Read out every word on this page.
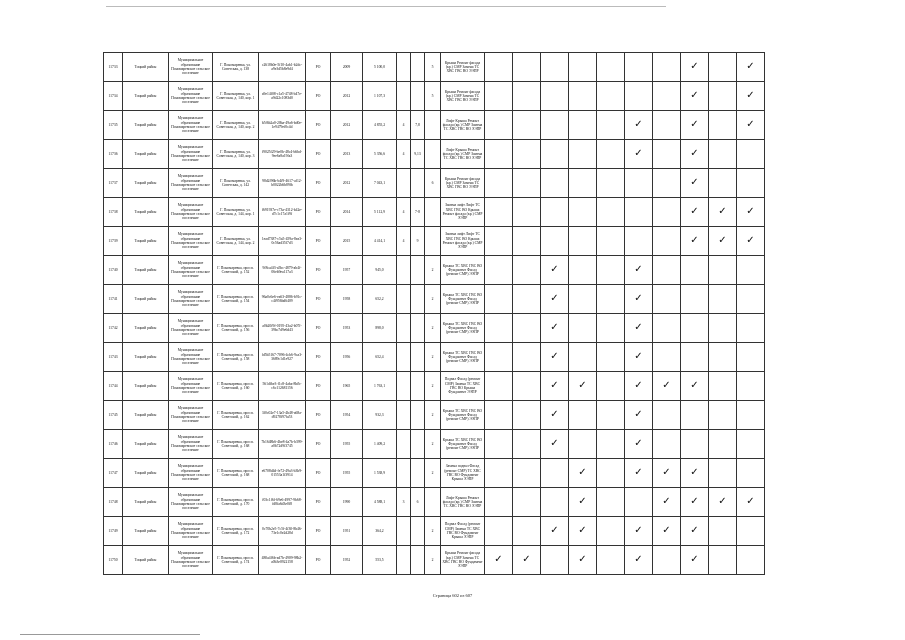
11733	Тоцкий район	Муниципальное образование Пономаревское сельское поселение	Г. Пономаревка, ул. Советская, д. 138	c2618b0e-5f10-4ab1-b2dc-a9e3d5b8e9d4	РО	2009	5 100,0			5	Крыша Ремонт фасада (кр.) СМР Замена ТС ХВС ГВС ВО ЭЭПР								✓		✓
11734	Тоцкий район	Муниципальное образование Пономаревское сельское поселение	Г. Пономаревка, ул. Советская, д. 140, кор. 1	a9e14f08-c1a5-4748-b47e-a9d22c1083d0	РО	2012	1 107,3			5	Крыша Ремонт фасада (кр.) СМР Замена ТС ХВС ГВС ВО ЭЭПР								✓		✓
11735	Тоцкий район	Муниципальное образование Пономаревское сельское поселение	Г. Пономаревка, ул. Советская, д. 140, кор. 2	b5f6b2a0-20ba-49a6-bd0e-1e9479ef0c4d	РО	2012	4 855,2	4	7,8		Лифт Крыша Ремонт фасада (кр.) СМР Замена ТС ХВС ГВС ВО ЭЭПР						✓		✓		✓
11736	Тоцкий район	Муниципальное образование Пономаревское сельское поселение	Г. Пономаревка, ул. Советская, д. 140, кор. 3	f9025f29-be0b-48c4-b6bd-9ee6a9a19fa3	РО	2013	5 356,6	4	9,13		Лифт Крыша Ремонт фасада (кр.) СМР Замена ТС ХВС ГВС ВО ЭЭПР						✓		✓		
11737	Тоцкий район	Муниципальное образование Пономаревское сельское поселение	Г. Пономаревка, ул. Советская, д. 142	98d2f96b-b4f9-4617-af12-b0022b6b89fb	РО	2012	7 043,1			6	Крыша Ремонт фасада (кр.) СМР Замена ТС ХВС ГВС ВО ЭЭПР								✓		
11738	Тоцкий район	Муниципальное образование Пономаревское сельское поселение	Г. Пономаревка, ул. Советская, д. 144, кор. 1	f691937e-c73a-4312-b42e-d7c1c17a1f9f	РО	2014	5 112,9	4	7-8		Замена лифт Лифт ТС ХВС ГВС ВО Крыша Ремонт фасада (кр.) СМР ЭЭПР								✓	✓	✓
11739	Тоцкий район	Муниципальное образование Пономаревское сельское поселение	Г. Пономаревка, ул. Советская, д. 144, кор. 2	1ead7387-c5a5-459a-8ea3-0c56ad35f7d3	РО	2015	4 414,1	4	9		Замена лифт Лифт ТС ХВС ГВС ВО Крыша Ремонт фасада (кр.) СМР ЭЭПР								✓	✓	✓
11740	Тоцкий район	Муниципальное образование Пономаревское сельское поселение	Г. Пономаревка, просп. Советский, д. 152	9f8ca4f3-a5bc-4879-ab4f-06eb9ea117a3	РО	1957	945,0			2	Крыша ТС ХВС ГВС ВО Фундамент Фасад (ремонт СМР) ЭЭПР			✓			✓				
11741	Тоцкий район	Муниципальное образование Пономаревское сельское поселение	Г. Пономаревка, просп. Советский, д. 154	96a0c6e6-ea63-4886-b91c-c4f956bd6409	РО	1958	652,2			2	Крыша ТС ХВС ГВС ВО Фундамент Фасад (ремонт СМР) ЭЭПР			✓			✓				
11742	Тоцкий район	Муниципальное образование Пономаревское сельское поселение	Г. Пономаревка, просп. Советский, д. 156	a0b20f9f-0195-43a2-b07f-39bc7d9e6d43	РО	1953	898,0			2	Крыша ТС ХВС ГВС ВО Фундамент Фасад (ремонт СМР) ЭЭПР			✓			✓				
11743	Тоцкий район	Муниципальное образование Пономаревское сельское поселение	Г. Пономаревка, просп. Советский, д. 158	fd5b5167-7096-4cb6-9ca3-3689c1d1e927	РО	1956	652,4			2	Крыша ТС ХВС ГВС ВО Фундамент Фасад (ремонт СМР) ЭЭПР			✓			✓				
11744	Тоцкий район	Муниципальное образование Пономаревское сельское поселение	Г. Пономаревка, просп. Советский, д. 160	561dfbe3-f1c8-4aba-8bfb-c6c112681156	РО	1965	1 763,1			2	Подвал Фасад (ремонт СМР) Замена ТС ХВС ГВС ВО Крыша Фундамент ЭЭПР			✓	✓		✓	✓	✓		
11745	Тоцкий район	Муниципальное образование Пономаревское сельское поселение	Г. Пономаревка, просп. Советский, д. 162	3f0c02e7-13a5-4b48-a68a-d9278f97fa53	РО	1954	932,3			2	Крыша ТС ХВС ГВС ВО Фундамент Фасад (ремонт СМР) ЭЭПР			✓			✓				
11746	Тоцкий район	Муниципальное образование Пономаревское сельское поселение	Г. Пономаревка, просп. Советский, д. 168	7b1648b6-4be8-4a7b-b399-a0b72d9f3745	РО	1955	1 409,2			2	Крыша ТС ХВС ГВС ВО Фундамент Фасад (ремонт СМР) ЭЭПР			✓			✓				
11747	Тоцкий район	Муниципальное образование Пономаревское сельское поселение	Г. Пономаревка, просп. Советский, д. 168	e6708d4d-fe72-49a3-b3b9-01553a1f3914	РО	1955	1 538,9			2	Замена подвал Фасад (ремонт СМР) ТС ХВС ГВС ВО Фундамент Крыша ЭЭПР				✓		✓	✓	✓		
11748	Тоцкий район	Муниципальное образование Пономаревское сельское поселение	Г. Пономаревка, просп. Советский, д. 170	f03c1f6f-69e6-4997-9b68-fd8fa6d3e0f8	РО	1990	4 588,1	3	6		Лифт Крыша Ремонт фасада (кр.) СМР Замена ТС ХВС ГВС ВО ЭЭПР				✓			✓	✓	✓	✓
11749	Тоцкий район	Муниципальное образование Пономаревское сельское поселение	Г. Пономаревка, просп. Советский, д. 172	0c70b2e5-7c5f-4f30-8b46-73e1c0e2d28d	РО	1951	364,2			2	Подвал Фасад (ремонт СМР) Замена ТС ХВС ГВС ВО Фундамент Крыша ЭЭПР			✓	✓		✓	✓	✓		
11750	Тоцкий район	Муниципальное образование Пономаревское сельское поселение	Г. Пономаревка, просп. Советский, д. 174	480a4f6b-ad7b-4909-98b2-a0b3e0922158	РО	1952	553,5			2	Крыша Ремонт фасада (кр.) СМР Замена ТС ХВС ГВС ВО Фундамент ЭЭПР	✓	✓		✓		✓		✓		
Страница 602 из 607
